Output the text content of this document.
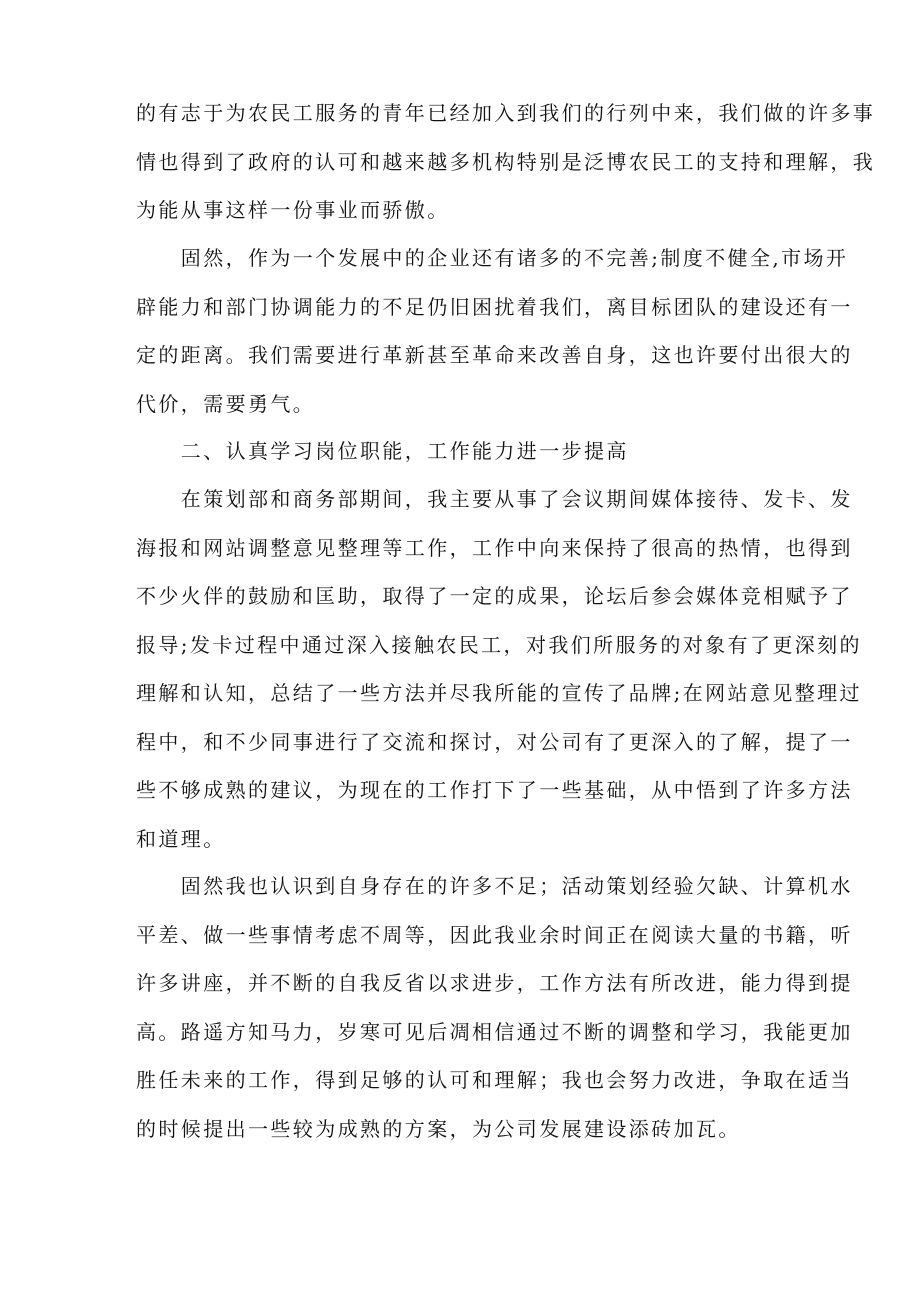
的有志于为农民工服务的青年已经加入到我们的行列中来，我们做的许多事
情也得到了政府的认可和越来越多机构特别是泛博农民工的支持和理解，我
为能从事这样一份事业而骄傲。
　　固然，作为一个发展中的企业还有诸多的不完善;制度不健全,市场开
辟能力和部门协调能力的不足仍旧困扰着我们，离目标团队的建设还有一
定的距离。我们需要进行革新甚至革命来改善自身，这也许要付出很大的
代价，需要勇气。
　　二、认真学习岗位职能，工作能力进一步提高
　　在策划部和商务部期间，我主要从事了会议期间媒体接待、发卡、发
海报和网站调整意见整理等工作，工作中向来保持了很高的热情，也得到
不少火伴的鼓励和匡助，取得了一定的成果，论坛后参会媒体竞相赋予了
报导;发卡过程中通过深入接触农民工，对我们所服务的对象有了更深刻的
理解和认知，总结了一些方法并尽我所能的宣传了品牌;在网站意见整理过
程中，和不少同事进行了交流和探讨，对公司有了更深入的了解，提了一
些不够成熟的建议，为现在的工作打下了一些基础，从中悟到了许多方法
和道理。
　　固然我也认识到自身存在的许多不足；活动策划经验欠缺、计算机水
平差、做一些事情考虑不周等，因此我业余时间正在阅读大量的书籍，听
许多讲座，并不断的自我反省以求进步，工作方法有所改进，能力得到提
高。路遥方知马力，岁寒可见后凋相信通过不断的调整和学习，我能更加
胜任未来的工作，得到足够的认可和理解；我也会努力改进，争取在适当
的时候提出一些较为成熟的方案，为公司发展建设添砖加瓦。
